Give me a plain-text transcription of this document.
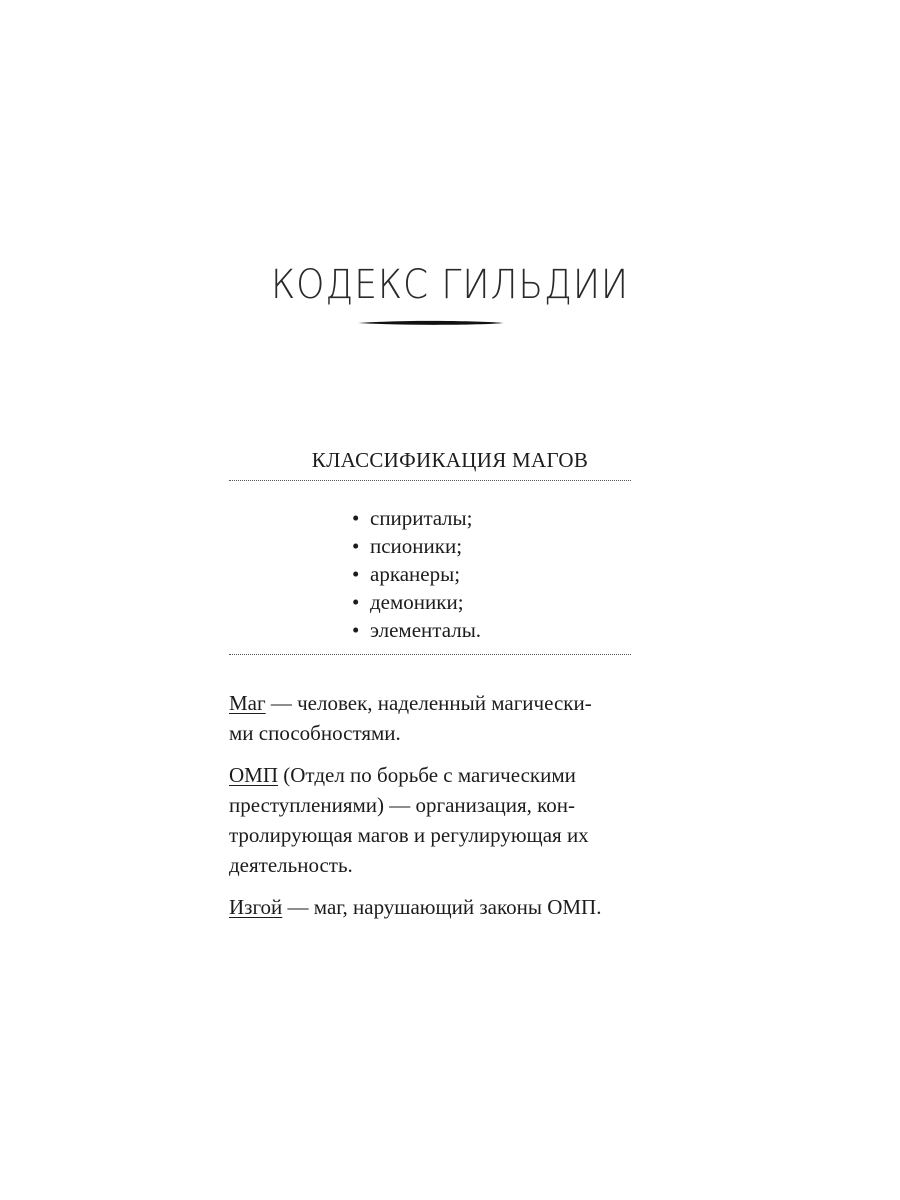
КОДЕКС ГИЛЬДИИ
КЛАССИФИКАЦИЯ МАГОВ
• спиритaлы;
• псионики;
• арканеры;
• демоники;
• элементалы.

Маг — человек, наделенный магически-
ми способностями.

ОМП (Отдел по борьбе с магическими
преступлениями) — организация, кон-
тролирующая магов и регулирующая их
деятельность.

Изгой — маг, нарушающий законы ОМП.
